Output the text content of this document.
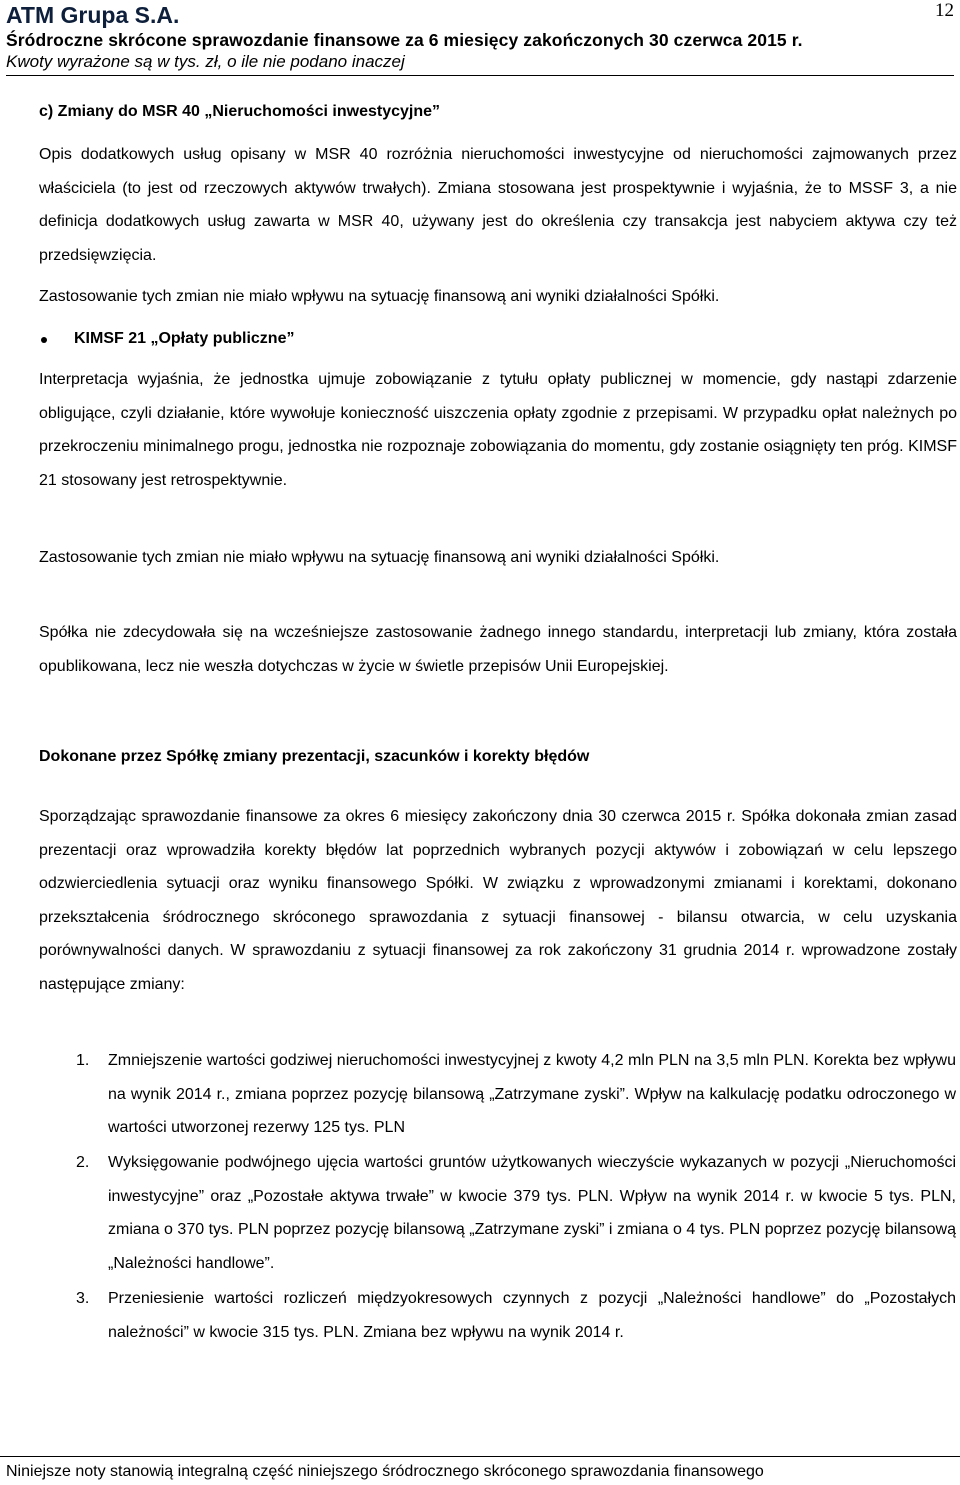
ATM Grupa S.A.	12
Śródroczne skrócone sprawozdanie finansowe za 6 miesięcy zakończonych 30 czerwca 2015 r.
Kwoty wyrażone są w tys. zł, o ile nie podano inaczej
c) Zmiany do MSR 40 „Nieruchomości inwestycyjne”

Opis dodatkowych usług opisany w MSR 40 rozróżnia nieruchomości inwestycyjne od nieruchomości zajmowanych przez właściciela (to jest od rzeczowych aktywów trwałych). Zmiana stosowana jest prospektywnie i wyjaśnia, że to MSSF 3, a nie definicja dodatkowych usług zawarta w MSR 40, używany jest do określenia czy transakcja jest nabyciem aktywa czy też przedsięwzięcia.

Zastosowanie tych zmian nie miało wpływu na sytuację finansową ani wyniki działalności Spółki.
KIMSF 21 „Opłaty publiczne”

Interpretacja wyjaśnia, że jednostka ujmuje zobowiązanie z tytułu opłaty publicznej w momencie, gdy nastąpi zdarzenie obligujące, czyli działanie, które wywołuje konieczność uiszczenia opłaty zgodnie z przepisami. W przypadku opłat należnych po przekroczeniu minimalnego progu, jednostka nie rozpoznaje zobowiązania do momentu, gdy zostanie osiągnięty ten próg. KIMSF 21 stosowany jest retrospektywnie.

Zastosowanie tych zmian nie miało wpływu na sytuację finansową ani wyniki działalności Spółki.

Spółka nie zdecydowała się na wcześniejsze zastosowanie żadnego innego standardu, interpretacji lub zmiany, która została opublikowana, lecz nie weszła dotychczas w życie w świetle przepisów Unii Europejskiej.

Dokonane przez Spółkę zmiany prezentacji, szacunków i korekty błędów

Sporządzając sprawozdanie finansowe za okres 6 miesięcy zakończony dnia 30 czerwca 2015 r. Spółka dokonała zmian zasad prezentacji oraz wprowadziła korekty błędów lat poprzednich wybranych pozycji aktywów i zobowiązań w celu lepszego odzwierciedlenia sytuacji oraz wyniku finansowego Spółki. W związku z wprowadzonymi zmianami i korektami, dokonano przekształcenia śródrocznego skróconego sprawozdania z sytuacji finansowej - bilansu otwarcia, w celu uzyskania porównywalności danych. W sprawozdaniu z sytuacji finansowej za rok zakończony 31 grudnia 2014 r. wprowadzone zostały następujące zmiany:

1. Zmniejszenie wartości godziwej nieruchomości inwestycyjnej z kwoty 4,2 mln PLN na 3,5 mln PLN. Korekta bez wpływu na wynik 2014 r., zmiana poprzez pozycję bilansową „Zatrzymane zyski”. Wpływ na kalkulację podatku odroczonego w wartości utworzonej rezerwy 125 tys. PLN

2. Wyksięgowanie podwójnego ujęcia wartości gruntów użytkowanych wieczyście wykazanych w pozycji „Nieruchomości inwestycyjne” oraz „Pozostałe aktywa trwałe” w kwocie 379 tys. PLN. Wpływ na wynik 2014 r. w kwocie 5 tys. PLN, zmiana o 370 tys. PLN poprzez pozycję bilansową „Zatrzymane zyski” i zmiana o 4 tys. PLN poprzez pozycję bilansową „Należności handlowe”.

3. Przeniesienie wartości rozliczeń międzyokresowych czynnych z pozycji „Należności handlowe” do „Pozostałych należności” w kwocie 315 tys. PLN. Zmiana bez wpływu na wynik 2014 r.

Niniejsze noty stanowią integralną część niniejszego śródrocznego skróconego sprawozdania finansowego
